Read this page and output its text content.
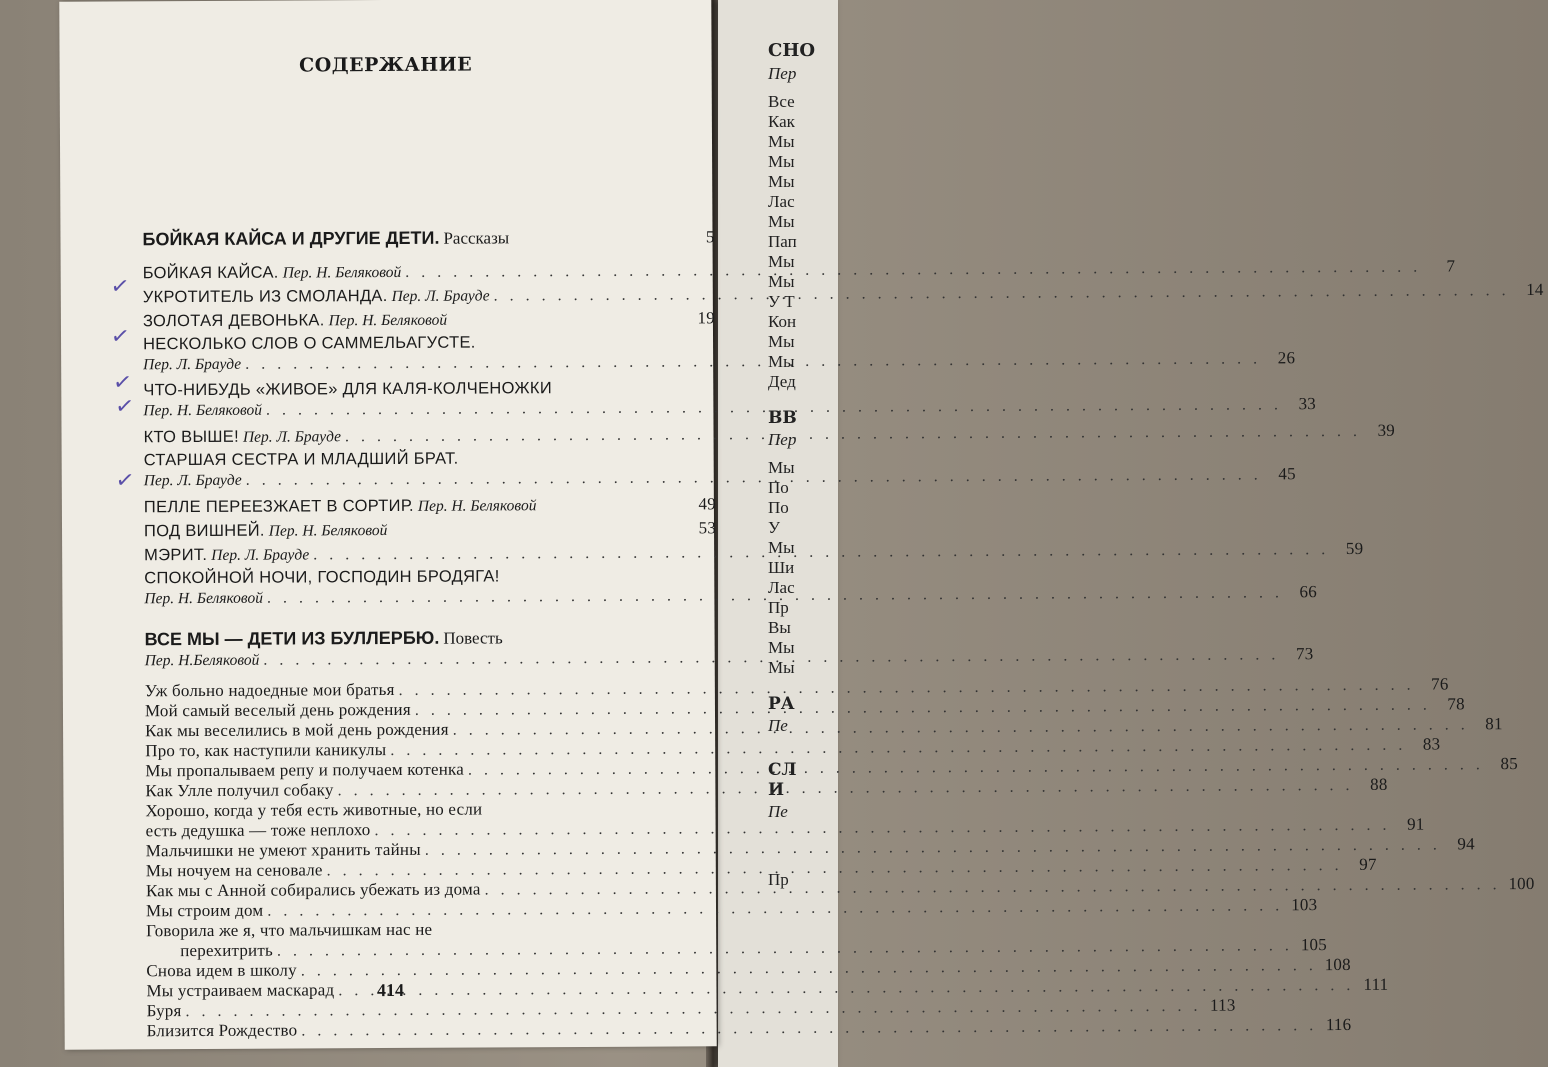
СНО
Пер
Все
Как
Мы
Мы
Мы
Лас
Мы
Пап
Мы
Мы
У Т
Кон
Мы
Мы
Дед
ВВ
Пер
Мы
По
По
У
Мы
Ши
Лас
Пр
Вы
Мы
Мы
РА
Пе
СЛ
И
Пе
Пр
СОДЕРЖАНИЕ
БОЙКАЯ КАЙСА И ДРУГИЕ ДЕТИ. Рассказы	5
БОЙКАЯ КАЙСА. Пер. Н. Беляковой . . .	7
УКРОТИТЕЛЬ ИЗ СМОЛАНДА. Пер. Л. Брауде . . .	14
ЗОЛОТАЯ ДЕВОНЬКА. Пер. Н. Беляковой	19
НЕСКОЛЬКО СЛОВ О САММЕЛЬАГУСТЕ.
Пер. Л. Брауде . . .	26
ЧТО-НИБУДЬ «ЖИВОЕ» ДЛЯ КАЛЯ-КОЛЧЕНОЖКИ
Пер. Н. Беляковой . . .	33
КТО ВЫШЕ! Пер. Л. Брауде . . .	39
СТАРШАЯ СЕСТРА И МЛАДШИЙ БРАТ.
Пер. Л. Брауде . . .	45
ПЕЛЛЕ ПЕРЕЕЗЖАЕТ В СОРТИР. Пер. Н. Беляковой	49
ПОД ВИШНЕЙ. Пер. Н. Беляковой	53
МЭРИТ. Пер. Л. Брауде . . .	59
СПОКОЙНОЙ НОЧИ, ГОСПОДИН БРОДЯГА!
Пер. Н. Беляковой . . .	66
ВСЕ МЫ — ДЕТИ ИЗ БУЛЛЕРБЮ. Повесть
Пер. Н.Беляковой . . .	73
Уж больно надоедные мои братья . . .	76
Мой самый веселый день рождения . . .	78
Как мы веселились в мой день рождения . . .	81
Про то, как наступили каникулы . . .	83
Мы пропалываем репу и получаем котенка . . .	85
Как Улле получил собаку . . .	88
Хорошо, когда у тебя есть животные, но если
есть дедушка — тоже неплохо . . .	91
Мальчишки не умеют хранить тайны . . .	94
Мы ночуем на сеновале . . .	97
Как мы с Анной собирались убежать из дома . . .	100
Мы строим дом . . .	103
Говорила же я, что мальчишкам нас не
перехитрить . . .	105
Снова идем в школу . . .	108
Мы устраиваем маскарад . . .	111
Буря . . .	113
Близится Рождество . . .	116
✓
✓
✓
✓
✓
414
